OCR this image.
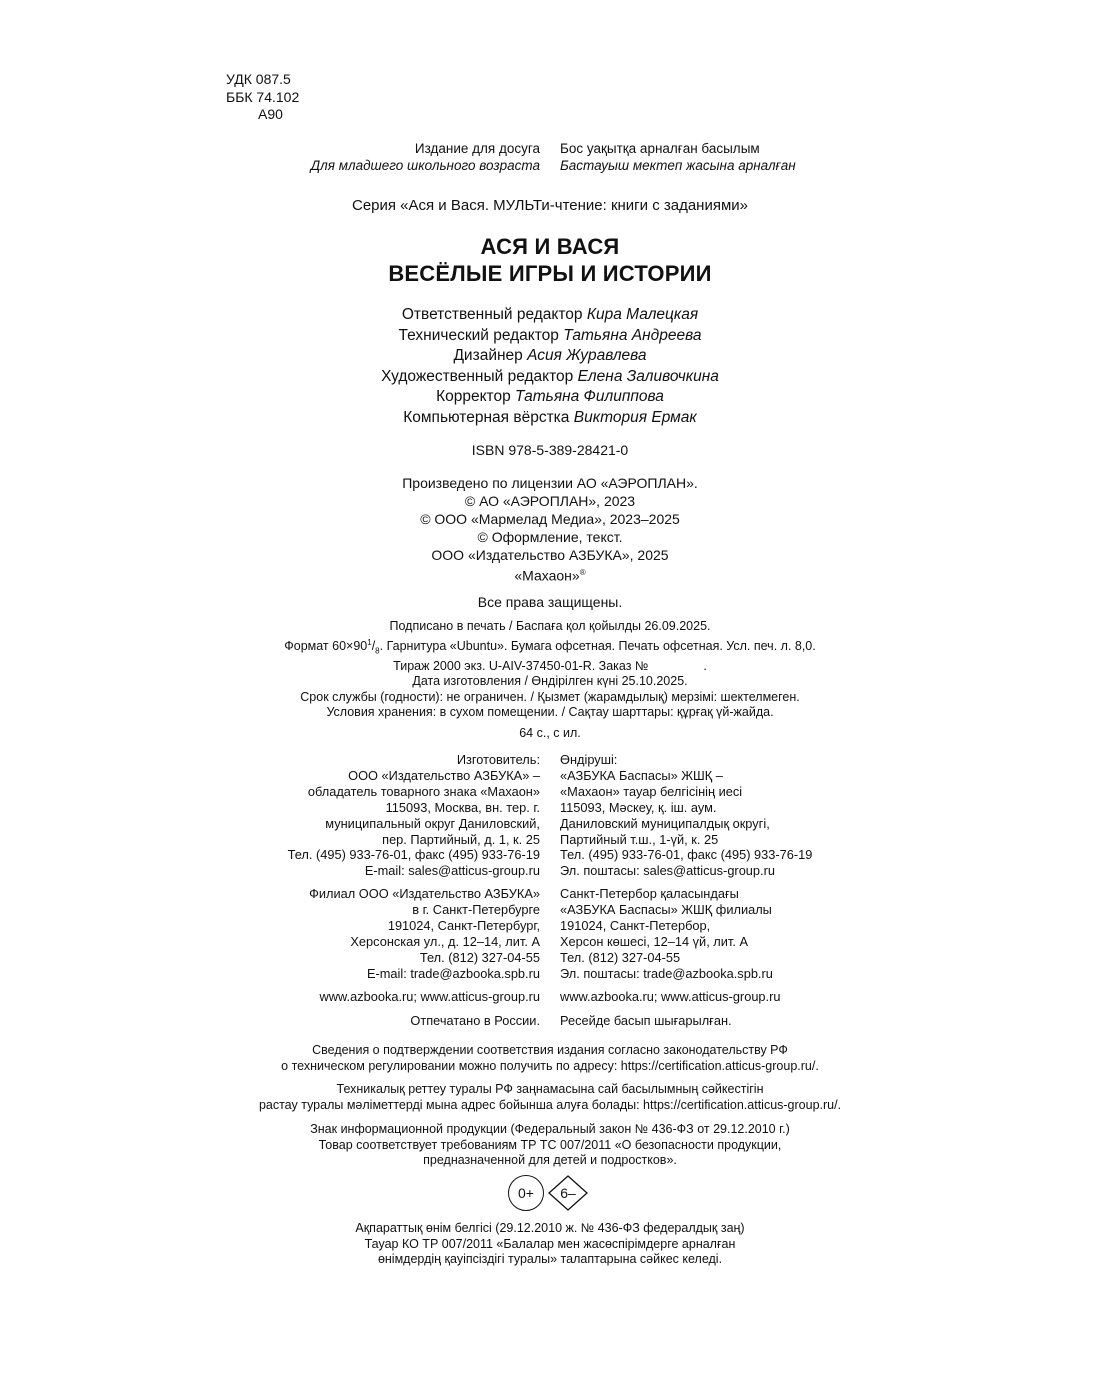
УДК 087.5
ББК 74.102
А90
Издание для досуга Бос уақытқа арналған басылым
Для младшего школьного возраста Бастауыш мектеп жасына арналған
Серия «Ася и Вася. МУЛЬТи-чтение: книги с заданиями»
АСЯ И ВАСЯ
ВЕСЁЛЫЕ ИГРЫ И ИСТОРИИ
Ответственный редактор Кира Малецкая
Технический редактор Татьяна Андреева
Дизайнер Асия Журавлева
Художественный редактор Елена Заливочкина
Корректор Татьяна Филиппова
Компьютерная вёрстка Виктория Ермак
ISBN 978-5-389-28421-0
Произведено по лицензии АО «АЭРОПЛАН».
© АО «АЭРОПЛАН», 2023
© ООО «Мармелад Медиа», 2023–2025
© Оформление, текст.
ООО «Издательство АЗБУКА», 2025
«Махаон»®
Все права защищены.
Подписано в печать / Баспаға қол қойылды 26.09.2025.
Формат $60\times 90^1/_8$. Гарнитура «Ubuntu». Бумага офсетная. Печать офсетная. Усл. печ. л. 8,0.
Тираж 2000 экз. U-AIV-37450-01-R. Заказ №	.
Дата изготовления / Өндірілген күні 25.10.2025.
Срок службы (годности): не ограничен. / Қызмет (жарамдылық) мерзімі: шектелмеген.
Условия хранения: в сухом помещении. / Сақтау шарттары: құрғақ үй-жайда.
64 с., с ил.
Изготовитель:
ООО «Издательство АЗБУКА» –
обладатель товарного знака «Махаон»
115093, Москва, вн. тер. г.
муниципальный округ Даниловский,
пер. Партийный, д. 1, к. 25
Тел. (495) 933-76-01, факс (495) 933-76-19
E-mail: sales@atticus-group.ru
Өндіруші:
«АЗБУКА Баспасы» ЖШҚ –
«Махаон» тауар белгісінің иесі
115093, Мәскеу, қ. іш. аум.
Даниловский муниципалдық округі,
Партийный т.ш., 1-үй, к. 25
Тел. (495) 933-76-01, факс (495) 933-76-19
Эл. поштасы: sales@atticus-group.ru
Филиал ООО «Издательство АЗБУКА»
в г. Санкт-Петербурге
191024, Санкт-Петербург,
Херсонская ул., д. 12–14, лит. А
Тел. (812) 327-04-55
E-mail: trade@azbooka.spb.ru
Санкт-Петербор қаласындағы
«АЗБУКА Баспасы» ЖШҚ филиалы
191024, Санкт-Петербор,
Херсон көшесі, 12–14 үй, лит. А
Тел. (812) 327-04-55
Эл. поштасы: trade@azbooka.spb.ru
www.azbooka.ru; www.atticus-group.ru www.azbooka.ru; www.atticus-group.ru
Отпечатано в России. Ресейде басып шығарылған.
Сведения о подтверждении соответствия издания согласно законодательству РФ
о техническом регулировании можно получить по адресу: https://certification.atticus-group.ru/.
Техникалық реттеу туралы РФ заңнамасына сай басылымның сәйкестігін
растау туралы мәліметтерді мына адрес бойынша алуға болады: https://certification.atticus-group.ru/.
Знак информационной продукции (Федеральный закон № 436-ФЗ от 29.12.2010 г.)
Товар соответствует требованиям ТР ТС 007/2011 «О безопасности продукции,
предназначенной для детей и подростков».
0+	6–
Ақпараттық өнім белгісі (29.12.2010 ж. № 436-ФЗ федералдық заң)
Тауар КО ТР 007/2011 «Балалар мен жасөспірімдерге арналған
өнімдердің қауіпсіздігі туралы» талаптарына сәйкес келеді.
